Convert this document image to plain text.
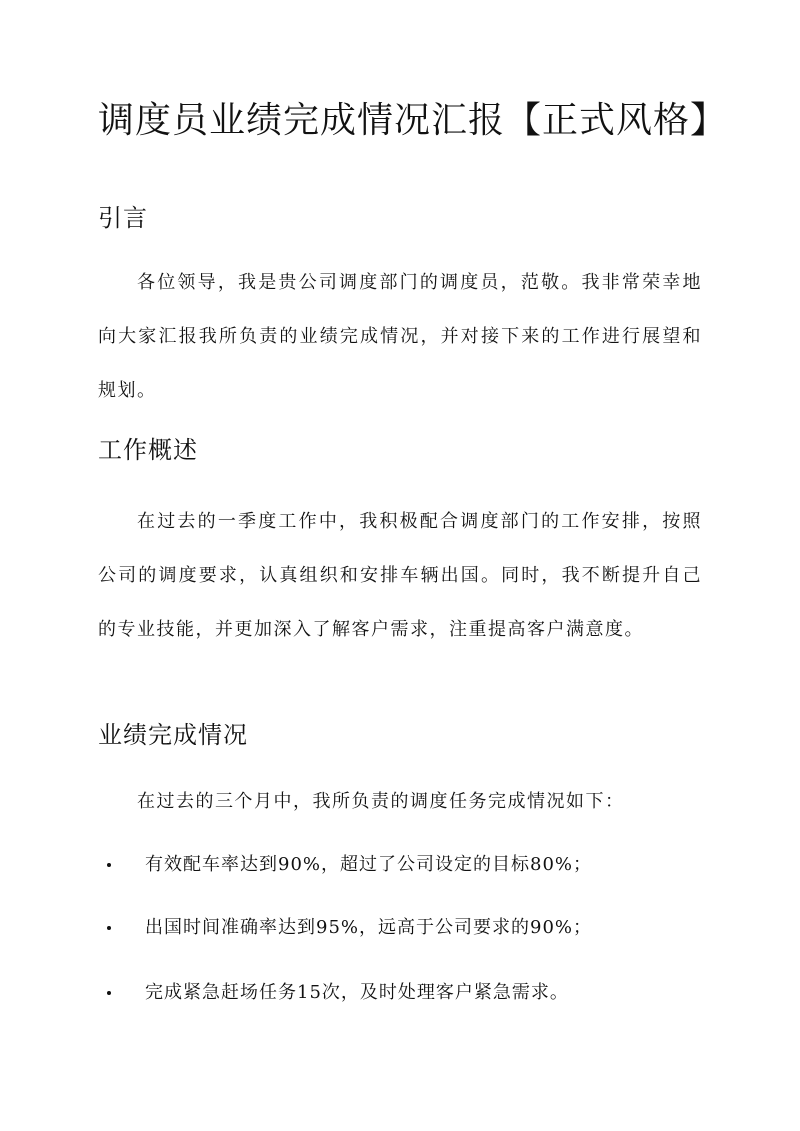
调度员业绩完成情况汇报【正式风格】
引言

各位领导，我是贵公司调度部门的调度员，范敬。我非常荣幸地向大家汇报我所负责的业绩完成情况，并对接下来的工作进行展望和规划。

工作概述

在过去的一季度工作中，我积极配合调度部门的工作安排，按照公司的调度要求，认真组织和安排车辆出国。同时，我不断提升自己的专业技能，并更加深入了解客户需求，注重提高客户满意度。

业绩完成情况

在过去的三个月中，我所负责的调度任务完成情况如下：

有效配车率达到90%，超过了公司设定的目标80%；
出国时间准确率达到95%，远高于公司要求的90%；
完成紧急赶场任务15次，及时处理客户紧急需求。
